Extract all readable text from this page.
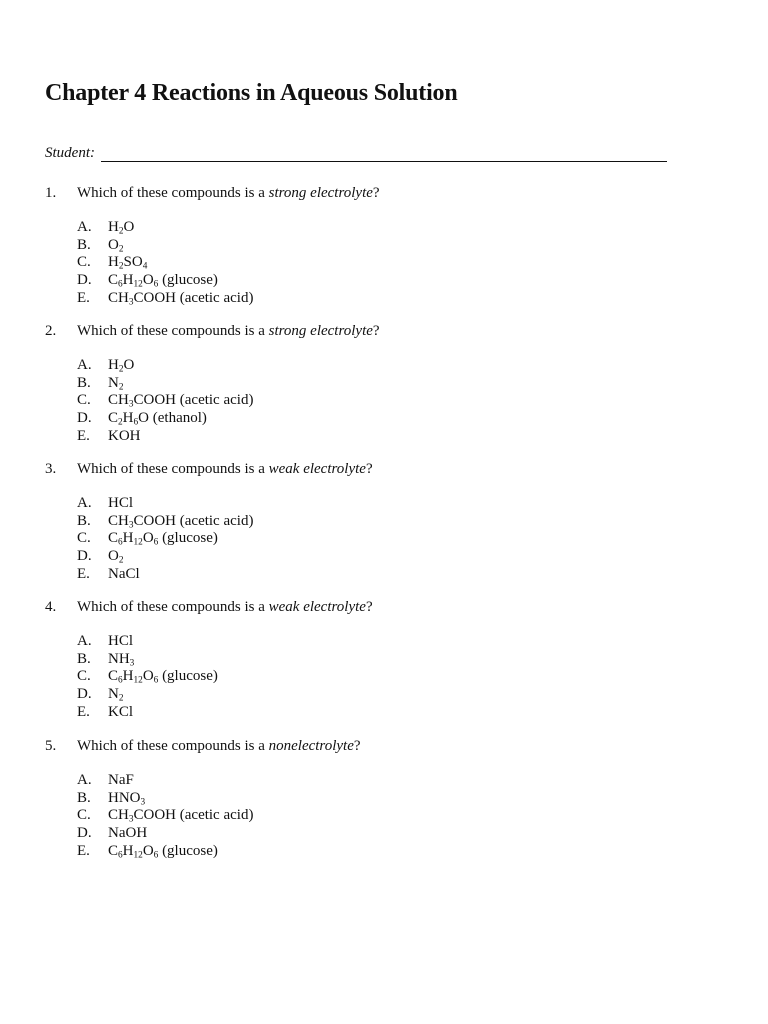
Chapter 4 Reactions in Aqueous Solution
Student:
1.	Which of these compounds is a strong electrolyte?
A.	$H_2O$
B.	$O_2$
C.	$H_2SO_4$
D.	$C_6H_{12}O_6$ (glucose)
E.	$CH_3COOH$ (acetic acid)
2.	Which of these compounds is a strong electrolyte?
A.	$H_2O$
B.	$N_2$
C.	$CH_3COOH$ (acetic acid)
D.	$C_2H_6O$ (ethanol)
E.	KOH
3.	Which of these compounds is a weak electrolyte?
A.	HCl
B.	$CH_3COOH$ (acetic acid)
C.	$C_6H_{12}O_6$ (glucose)
D.	$O_2$
E.	NaCl
4.	Which of these compounds is a weak electrolyte?
A.	HCl
B.	$NH_3$
C.	$C_6H_{12}O_6$ (glucose)
D.	$N_2$
E.	KCl
5.	Which of these compounds is a nonelectrolyte?
A.	NaF
B.	$HNO_3$
C.	$CH_3COOH$ (acetic acid)
D.	NaOH
E.	$C_6H_{12}O_6$ (glucose)
